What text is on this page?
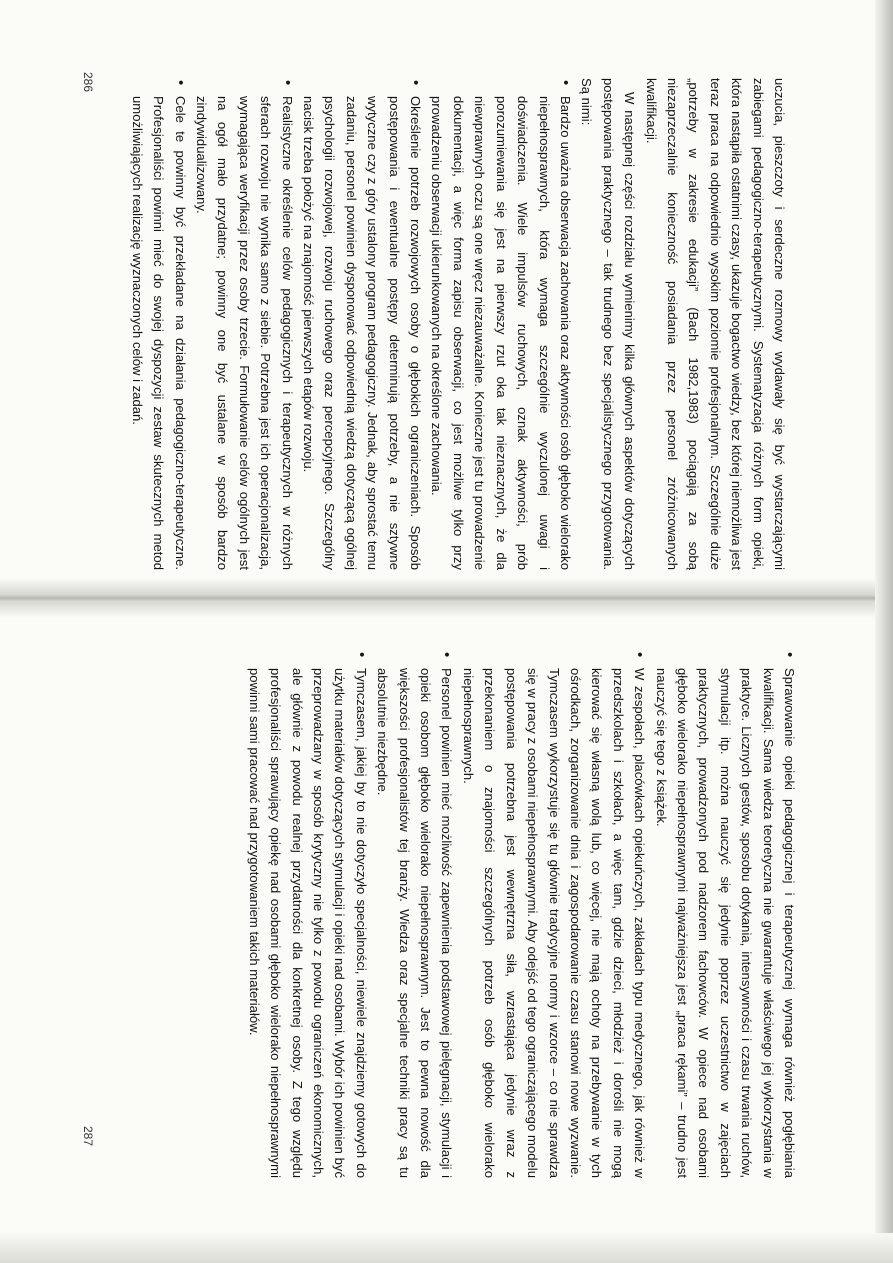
uczucia, pieszczoty i serdeczne rozmowy wydawały się być wystarczającymi zabiegami pedagogiczno-terapeutycznymi. Systematyzacja różnych form opieki, która nastąpiła ostatnimi czasy, ukazuje bogactwo wiedzy, bez której niemożliwa jest teraz praca na odpowiednio wysokim poziomie profesjonalnym. Szczególnie duże „potrzeby w zakresie edukacji” (Bach 1982,1983) pociągają za sobą niezaprzeczalnie konieczność posiadania przez personel zróżnicowanych kwalifikacji.

W następnej części rozdziału wymienimy kilka głównych aspektów dotyczących postępowania praktycznego – tak trudnego bez specjalistycznego przygotowania. Są nimi:

• Bardzo uważna obserwacja zachowania oraz aktywności osób głęboko wielorako niepełnosprawnych, która wymaga szczególnie wyczulonej uwagi i doświadczenia. Wiele impulsów ruchowych, oznak aktywności, prób porozumiewania się jest na pierwszy rzut oka tak nieznacznych, że dla niewprawnych oczu są one wręcz niezauważalne. Konieczne jest tu prowadzenie dokumentacji, a więc forma zapisu obserwacji, co jest możliwe tylko przy prowadzeniu obserwacji ukierunkowanych na określone zachowania.
• Określenie potrzeb rozwojowych osoby o głębokich ograniczeniach. Sposób postępowania i ewentualne postępy determinują potrzeby, a nie sztywne wytyczne czy z góry ustalony program pedagogiczny. Jednak, aby sprostać temu zadaniu, personel powinien dysponować odpowiednią wiedzą dotyczącą ogólnej psychologii rozwojowej, rozwoju ruchowego oraz percepcyjnego. Szczególny nacisk trzeba położyć na znajomość pierwszych etapów rozwoju.
• Realistyczne określenie celów pedagogicznych i terapeutycznych w różnych sferach rozwoju nie wynika samo z siebie. Potrzebna jest ich operacjonalizacja, wymagająca weryfikacji przez osoby trzecie. Formułowanie celów ogólnych jest na ogół mało przydatne; powinny one być ustalane w sposób bardzo zindywidualizowany.
• Cele te powinny być przekładane na działania pedagogiczno-terapeutyczne. Profesjonaliści powinni mieć do swojej dyspozycji zestaw skutecznych metod umożliwiających realizację wyznaczonych celów i zadań.
286
• Sprawowanie opieki pedagogicznej i terapeutycznej wymaga również pogłębiania kwalifikacji. Sama wiedza teoretyczna nie gwarantuje właściwego jej wykorzystania w praktyce. Licznych gestów, sposobu dotykania, intensywności i czasu trwania ruchów, stymulacji itp. można nauczyć się jedynie poprzez uczestnictwo w zajęciach praktycznych, prowadzonych pod nadzorem fachowców. W opiece nad osobami głęboko wielorako niepełnosprawnymi najważniejsza jest „praca rękami” – trudno jest nauczyć się tego z książek.
• W zespołach, placówkach opiekuńczych, zakładach typu medycznego, jak również w przedszkolach i szkołach, a więc tam, gdzie dzieci, młodzież i dorośli nie mogą kierować się własną wolą lub, co więcej, nie mają ochoty na przebywanie w tych ośrodkach, zorganizowanie dnia i zagospodarowanie czasu stanowi nowe wyzwanie. Tymczasem wykorzystuje się tu głównie tradycyjne normy i wzorce – co nie sprawdza się w pracy z osobami niepełnosprawnymi. Aby odejść od tego ograniczającego modelu postępowania potrzebna jest wewnętrzna siła, wzrastająca jedynie wraz z przekonaniem o znajomości szczególnych potrzeb osób głęboko wielorako niepełnosprawnych.
• Personel powinien mieć możliwość zapewnienia podstawowej pielęgnacji, stymulacji i opieki osobom głęboko wielorako niepełnosprawnym. Jest to pewna nowość dla większości profesjonalistów tej branży. Wiedza oraz specjalne techniki pracy są tu absolutnie niezbędne.
• Tymczasem, jakiej by to nie dotyczyło specjalności, niewiele znajdziemy gotowych do użytku materiałów dotyczących stymulacji i opieki nad osobami. Wybór ich powinien być przeprowadzany w sposób krytyczny nie tylko z powodu ograniczeń ekonomicznych, ale głównie z powodu realnej przydatności dla konkretnej osoby. Z tego względu profesjonaliści sprawujący opiekę nad osobami głęboko wielorako niepełnosprawnymi powinni sami pracować nad przygotowaniem takich materiałów.
287
